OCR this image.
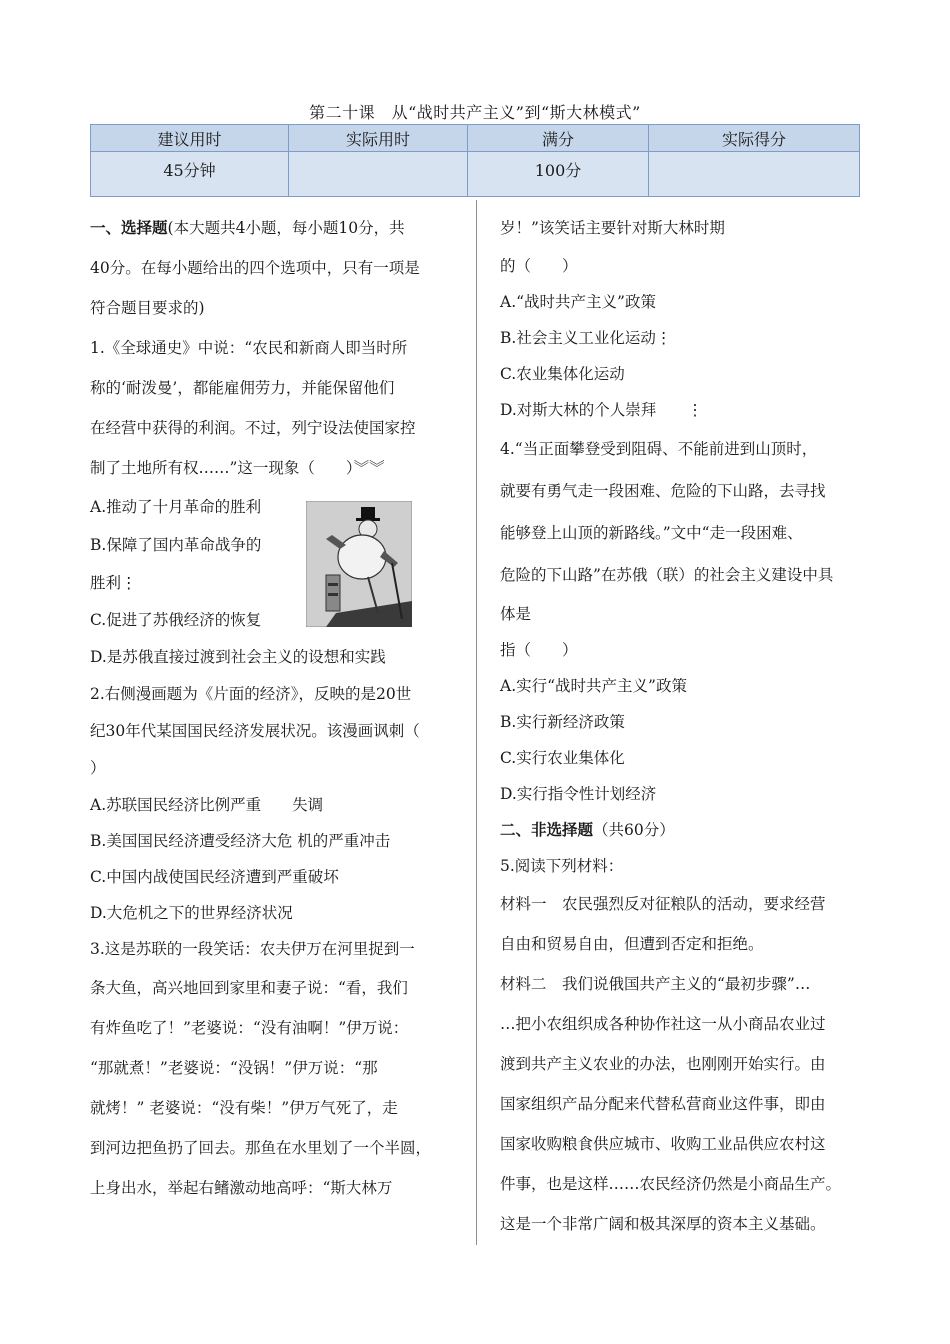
第二十课　从“战时共产主义”到“斯大林模式”
建议用时	实际用时	满分	实际得分
45分钟		100分	

一、选择题(本大题共4小题，每小题10分，共

40分。在每小题给出的四个选项中，只有一项是

符合题目要求的)

1.《全球通史》中说：“农民和新商人即当时所

称的‘耐泼曼’，都能雇佣劳力，并能保留他们

在经营中获得的利润。不过，列宁设法使国家控

制了土地所有权……”这一现象（　　）︾︾

A.推动了十月革命的胜利

B.保障了国内革命战争的

胜利⋮

C.促进了苏俄经济的恢复

D.是苏俄直接过渡到社会主义的设想和实践

2.右侧漫画题为《片面的经济》，反映的是20世

纪30年代某国国民经济发展状况。该漫画讽刺（

）

A.苏联国民经济比例严重　　失调

B.美国国民经济遭受经济大危 机的严重冲击

C.中国内战使国民经济遭到严重破坏

D.大危机之下的世界经济状况

3.这是苏联的一段笑话：农夫伊万在河里捉到一

条大鱼，高兴地回到家里和妻子说：“看，我们

有炸鱼吃了！”老婆说：“没有油啊！”伊万说：

“那就煮！”老婆说：“没锅！”伊万说：“那

就烤！” 老婆说：“没有柴！”伊万气死了，走

到河边把鱼扔了回去。那鱼在水里划了一个半圆，

上身出水，举起右鳍激动地高呼：“斯大林万

岁！”该笑话主要针对斯大林时期

的（　　）

A.“战时共产主义”政策

B.社会主义工业化运动⋮

C.农业集体化运动

D.对斯大林的个人崇拜　　⋮

4.“当正面攀登受到阻碍、不能前进到山顶时，

就要有勇气走一段困难、危险的下山路，去寻找

能够登上山顶的新路线。”文中“走一段困难、

危险的下山路”在苏俄（联）的社会主义建设中具

体是

指（　　）

A.实行“战时共产主义”政策

B.实行新经济政策

C.实行农业集体化

D.实行指令性计划经济

二、非选择题（共60分）

5.阅读下列材料：

材料一　农民强烈反对征粮队的活动，要求经营

自由和贸易自由，但遭到否定和拒绝。

材料二　我们说俄国共产主义的“最初步骤”…

…把小农组织成各种协作社这一从小商品农业过

渡到共产主义农业的办法，也刚刚开始实行。由

国家组织产品分配来代替私营商业这件事，即由

国家收购粮食供应城市、收购工业品供应农村这

件事，也是这样……农民经济仍然是小商品生产。

这是一个非常广阔和极其深厚的资本主义基础。
